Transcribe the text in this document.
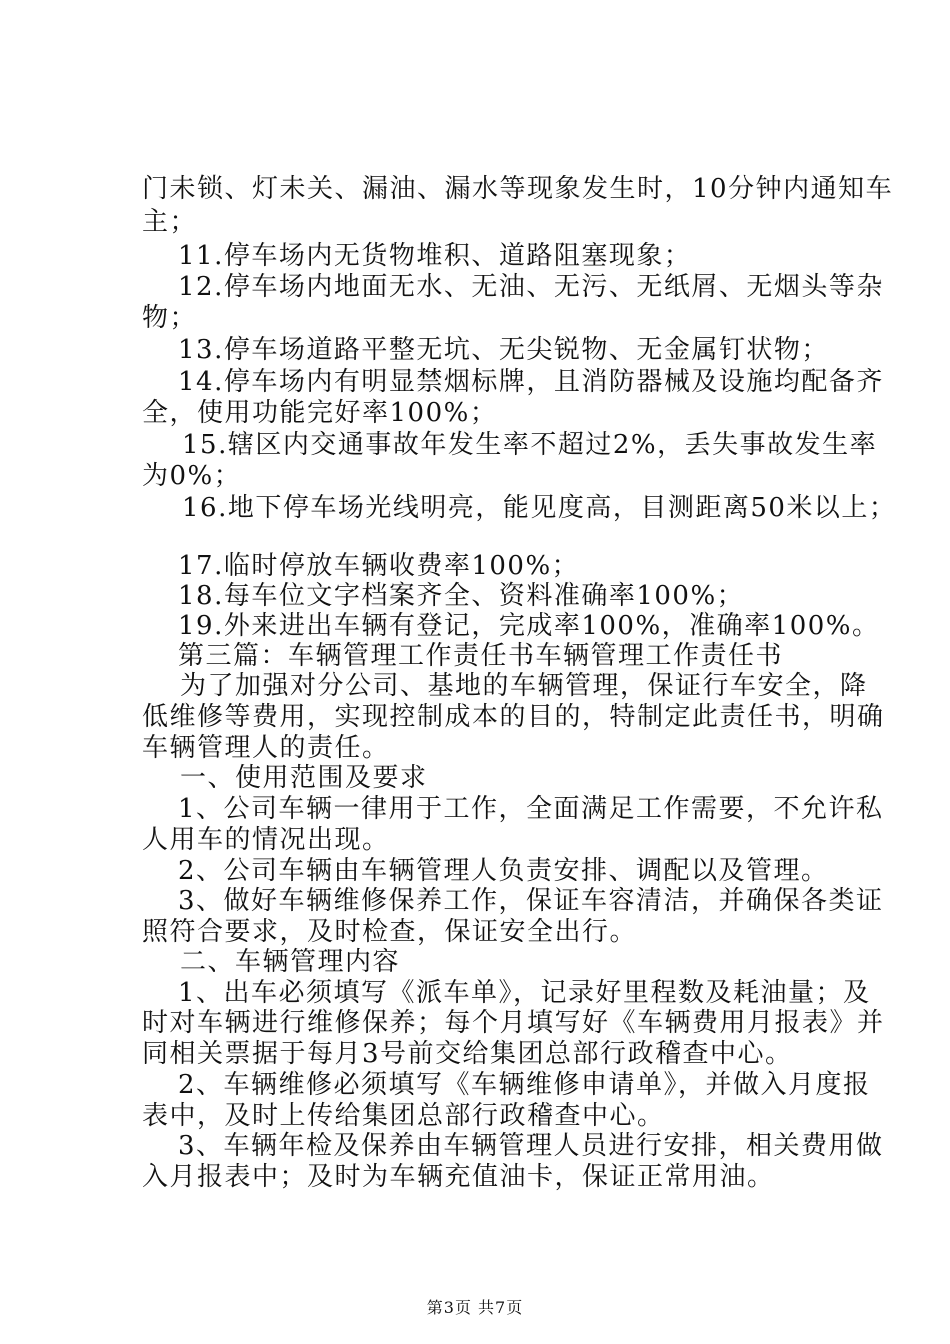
门未锁、灯未关、漏油、漏水等现象发生时，10分钟内通知车
主；
11.停车场内无货物堆积、道路阻塞现象；
12.停车场内地面无水、无油、无污、无纸屑、无烟头等杂
物；
13.停车场道路平整无坑、无尖锐物、无金属钉状物；
14.停车场内有明显禁烟标牌，且消防器械及设施均配备齐
全，使用功能完好率100%；
15.辖区内交通事故年发生率不超过2%，丢失事故发生率
为0%；
16.地下停车场光线明亮，能见度高，目测距离50米以上；
17.临时停放车辆收费率100%；
18.每车位文字档案齐全、资料准确率100%；
19.外来进出车辆有登记，完成率100%，准确率100%。
第三篇：车辆管理工作责任书车辆管理工作责任书
为了加强对分公司、基地的车辆管理，保证行车安全，降
低维修等费用，实现控制成本的目的，特制定此责任书，明确
车辆管理人的责任。
一、使用范围及要求
1、公司车辆一律用于工作，全面满足工作需要，不允许私
人用车的情况出现。
2、公司车辆由车辆管理人负责安排、调配以及管理。
3、做好车辆维修保养工作，保证车容清洁，并确保各类证
照符合要求，及时检查，保证安全出行。
二、车辆管理内容
1、出车必须填写《派车单》，记录好里程数及耗油量；及
时对车辆进行维修保养；每个月填写好《车辆费用月报表》并
同相关票据于每月3号前交给集团总部行政稽查中心。
2、车辆维修必须填写《车辆维修申请单》，并做入月度报
表中，及时上传给集团总部行政稽查中心。
3、车辆年检及保养由车辆管理人员进行安排，相关费用做
入月报表中；及时为车辆充值油卡，保证正常用油。
第3页 共7页
